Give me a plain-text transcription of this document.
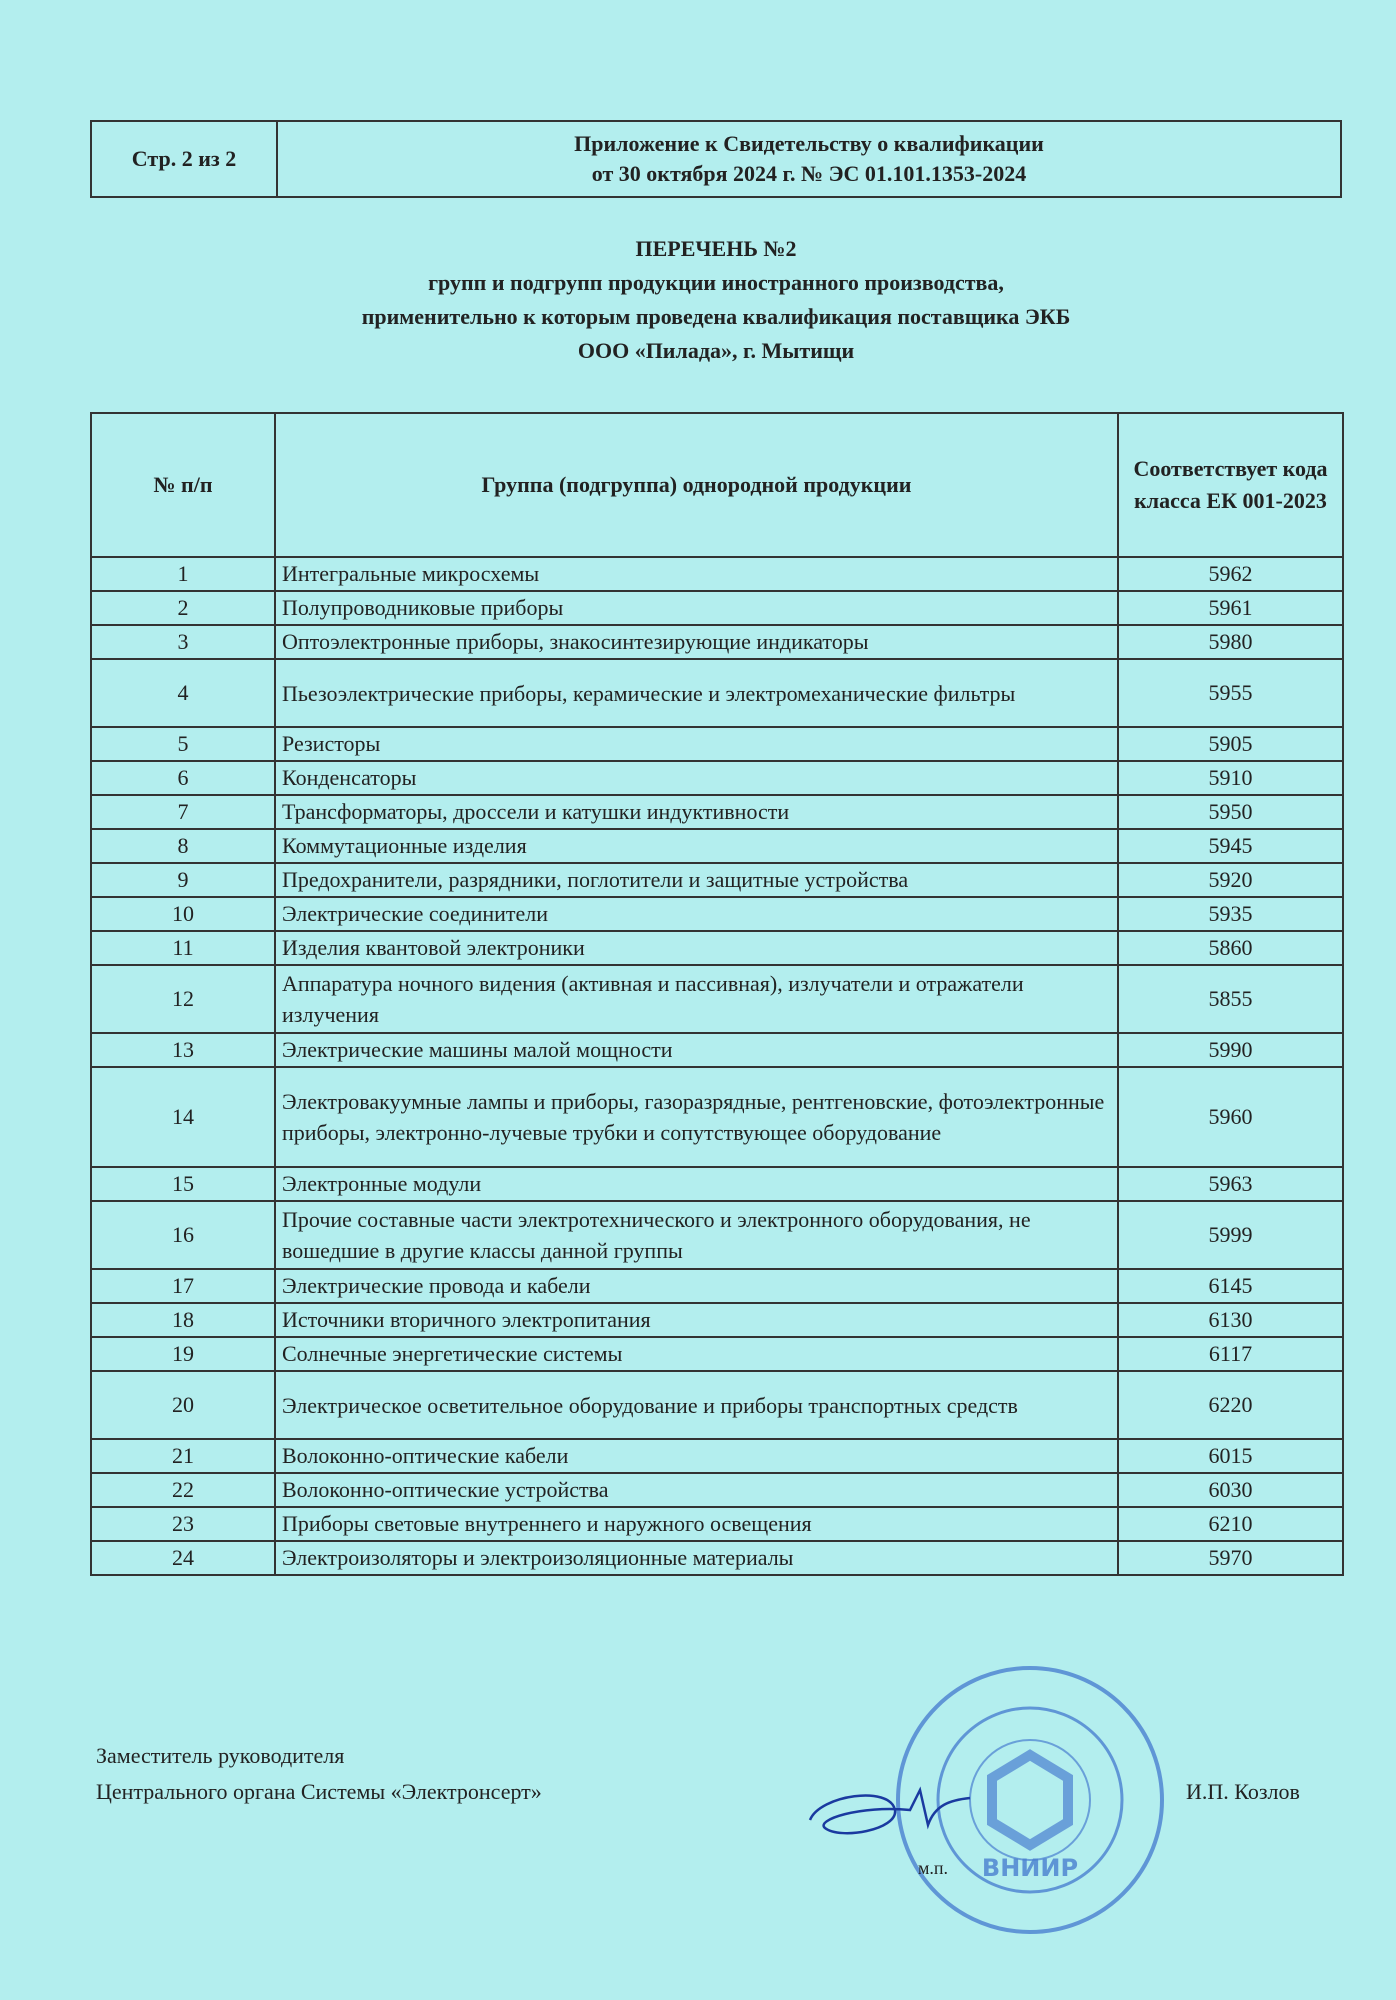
Стр. 2 из 2
Приложение к Свидетельству о квалификации
от 30 октября 2024 г. № ЭС 01.101.1353-2024
ПЕРЕЧЕНЬ №2
групп и подгрупп продукции иностранного производства,
применительно к которым проведена квалификация поставщика ЭКБ
ООО «Пилада», г. Мытищи
№ п/п	Группа (подгруппа) однородной продукции	Соответствует кода класса ЕК 001-2023
1	Интегральные микросхемы	5962
2	Полупроводниковые приборы	5961
3	Оптоэлектронные приборы, знакосинтезирующие индикаторы	5980
4	Пьезоэлектрические приборы, керамические и электромеханические фильтры	5955
5	Резисторы	5905
6	Конденсаторы	5910
7	Трансформаторы, дроссели и катушки индуктивности	5950
8	Коммутационные изделия	5945
9	Предохранители, разрядники, поглотители и защитные устройства	5920
10	Электрические соединители	5935
11	Изделия квантовой электроники	5860
12	Аппаратура ночного видения (активная и пассивная), излучатели и отражатели излучения	5855
13	Электрические машины малой мощности	5990
14	Электровакуумные лампы и приборы, газоразрядные, рентгеновские, фотоэлектронные приборы, электронно-лучевые трубки и сопутствующее оборудование	5960
15	Электронные модули	5963
16	Прочие составные части электротехнического и электронного оборудования, не вошедшие в другие классы данной группы	5999
17	Электрические провода и кабели	6145
18	Источники вторичного электропитания	6130
19	Солнечные энергетические системы	6117
20	Электрическое осветительное оборудование и приборы транспортных средств	6220
21	Волоконно-оптические кабели	6015
22	Волоконно-оптические устройства	6030
23	Приборы световые внутреннего и наружного освещения	6210
24	Электроизоляторы и электроизоляционные материалы	5970
Заместитель руководителя
Центрального органа Системы «Электронсерт»
ВНИИР
И.П. Козлов
м.п.
